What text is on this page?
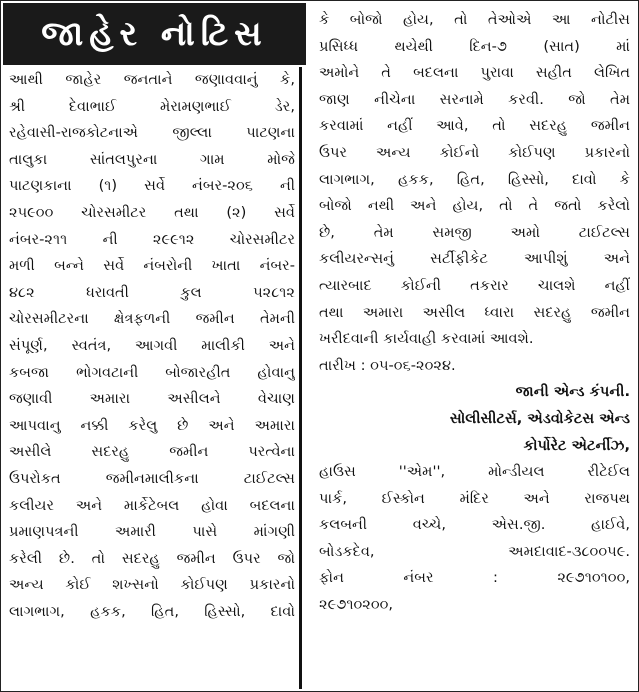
જાહેર નોટિસ
આથી જાહેર જનતાને જણાવવાનું કે,
શ્રી દેવાભાઈ મેરામણભાઈ ડેર,
રહેવાસી-રાજકોટનાએ જીલ્લા પાટણના
તાલુકા સાંતલપુરના ગામ મોજે
પાટણકાના (૧) સર્વે નંબર-૨૦૬ ની
૨૫૯૦૦ ચોરસમીટર તથા (૨) સર્વે
નંબર-૨૧૧ ની ૨૯૯૧૨ ચોરસમીટર
મળી બન્ને સર્વે નંબરોની ખાતા નંબર-
૪૮૨ ધરાવતી કુલ ૫૨૮૧૨
ચોરસમીટરના ક્ષેત્રફળની જમીન તેમની
સંપૂર્ણ, સ્વતંત્ર, આગવી માલીકી અને
કબજા ભોગવટાની બોજારહીત હોવાનુ
જણાવી અમારા અસીલને વેચાણ
આપવાનુ નક્કી કરેલુ છે અને અમારા
અસીલે સદરહુ જમીન પરત્વેના
ઉપરોકત જમીનમાલીકના ટાઈટલ્સ
કલીયર અને માર્કેટેબલ હોવા બદલના
પ્રમાણપત્રની અમારી પાસે માંગણી
કરેલી છે. તો સદરહુ જમીન ઉપર જો
અન્ય કોઈ શખ્સનો કોઈપણ પ્રકારનો
લાગભાગ, હકક, હિત, હિસ્સો, દાવો
કે બોજો હોય, તો તેઓએ આ નોટીસ
પ્રસિધ્ધ થયેથી દિન-૭ (સાત) માં
અમોને તે બદલના પુરાવા સહીત લેખિત
જાણ નીચેના સરનામે કરવી. જો તેમ
કરવામાં નહીં આવે, તો સદરહુ જમીન
ઉપર અન્ય કોઈનો કોઈપણ પ્રકારનો
લાગભાગ, હકક, હિત, હિસ્સો, દાવો કે
બોજો નથી અને હોય, તો તે જતો કરેલો
છે, તેમ સમજી અમો ટાઈટલ્સ
કલીયરન્સનું સર્ટીફીકેટ આપીશું અને
ત્યારબાદ કોઈની તકરાર ચાલશે નહીં
તથા અમારા અસીલ ધ્વારા સદરહુ જમીન
ખરીદવાની કાર્યવાહી કરવામાં આવશે.
તારીખ : ૦૫-૦૬-૨૦૨૪.
જાની એન્ડ કંપની.
સોલીસીટર્સ, એડવોકેટસ એન્ડ
કોર્પોરેટ એટર્નીઝ,
હાઉસ ''એમ'', મોન્ડીયલ રીટેઈલ
પાર્ક, ઈસ્કોન મંદિર અને રાજપથ
કલબની વચ્ચે, એસ.જી. હાઈવે,
બોડકદેવ, અમદાવાદ-૩૮૦૦૫૯.
ફોન નંબર : ૨૯૭૧૦૧૦૦,
૨૯૭૧૦૨૦૦,
